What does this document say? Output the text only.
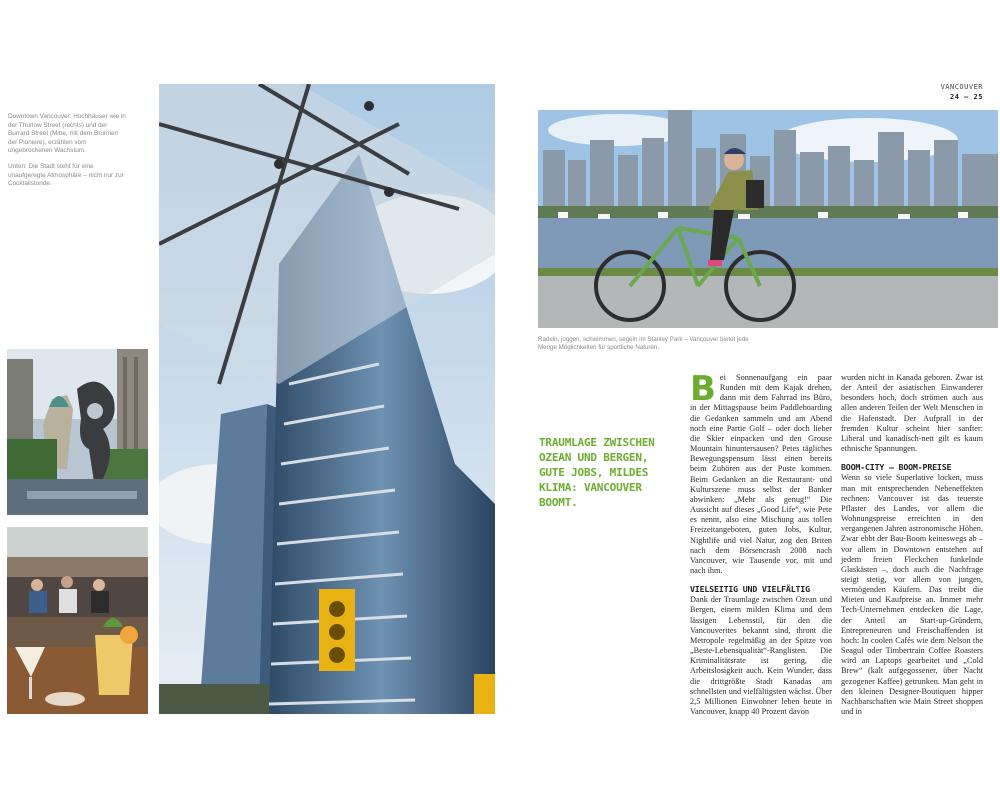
Downtown Vancouver: Hochhäuser wie in der Thurlow Street (rechts) und der Burrard Street (Mitte, mit dem Brunnen der Pioniere), erzählen vom ungebrochenen Wachstum.

Unten: Die Stadt steht für eine unaufgeregte Atmosphäre – nicht nur zur Cocktailstunde.

VANCOUVER
24 – 25
Radeln, joggen, schwimmen, segeln im Stanley Park – Vancouver bietet jede Menge Möglichkeiten für sportliche Naturen.
TRAUMLAGE ZWISCHEN OZEAN UND BERGEN, GUTE JOBS, MILDES KLIMA: VANCOUVER BOOMT.

Bei Sonnenaufgang ein paar Runden mit dem Kajak drehen, dann mit dem Fahrrad ins Büro, in der Mittagspause beim Paddleboarding die Gedanken sammeln und am Abend noch eine Partie Golf – oder doch lieber die Skier einpacken und den Grouse Mountain hinuntersausen? Petes tägliches Bewegungspensum lässt einen bereits beim Zuhören aus der Puste kommen. Beim Gedanken an die Restaurant- und Kulturszene muss selbst der Banker abwinken: „Mehr als genug!“ Die Aussicht auf dieses „Good Life“, wie Pete es nennt, also eine Mischung aus tollen Freizeitangeboten, guten Jobs, Kultur, Nightlife und viel Natur, zog den Briten nach dem Börsencrash 2008 nach Vancouver, wie Tausende vor, mit und nach ihm.

VIELSEITIG UND VIELFÄLTIG

Dank der Traumlage zwischen Ozean und Bergen, einem milden Klima und dem lässigen Lebensstil, für den die Vancouverites bekannt sind, thront die Metropole regelmäßig an der Spitze von „Beste-Lebensqualität“-Ranglisten. Die Kriminalitätsrate ist gering, die Arbeitslosigkeit auch. Kein Wunder, dass die drittgrößte Stadt Kanadas am schnellsten und vielfältigsten wächst. Über 2,5 Millionen Einwohner leben heute in Vancouver, knapp 40 Prozent davon

wurden nicht in Kanada geboren. Zwar ist der Anteil der asiatischen Einwanderer besonders hoch, doch strömen auch aus allen anderen Teilen der Welt Menschen in die Hafenstadt. Der Aufprall in der fremden Kultur scheint hier sanfter: Liberal und kanadisch-nett gilt es kaum ethnische Spannungen.

BOOM-CITY – BOOM-PREISE

Wenn so viele Superlative locken, muss man mit entsprechenden Nebeneffekten rechnen: Vancouver ist das teuerste Pflaster des Landes, vor allem die Wohnungspreise erreichten in den vergangenen Jahren astronomische Höhen. Zwar ebbt der Bau-Boom keineswegs ab – vor allem in Downtown entstehen auf jedem freien Fleckchen funkelnde Glaskästen –, doch auch die Nachfrage steigt stetig, vor allem von jungen, vermögenden Käufern. Das treibt die Mieten und Kaufpreise an. Immer mehr Tech-Unternehmen entdecken die Lage, der Anteil an Start-up-Gründern, Entrepreneuren und Freischaffenden ist hoch: In coolen Cafés wie dem Nelson the Seagul oder Timbertrain Coffee Roasters wird an Laptops gearbeitet und „Cold Brew“ (kalt aufgegossener, über Nacht gezogener Kaffee) getrunken. Man geht in den kleinen Designer-Boutiquen hipper Nachbarschaften wie Main Street shoppen und in
